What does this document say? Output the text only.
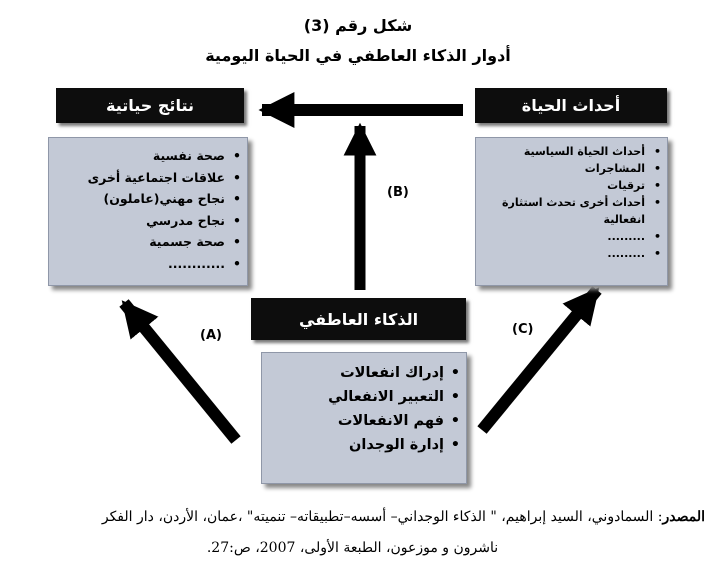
شكل رقم (3)
أدوار الذكاء العاطفي في الحياة اليومية
نتائج حياتية	أحداث الحياة
الذكاء العاطفي
• صحة نفسية
• علاقات اجتماعية أخرى
• نجاح مهني(عاملون)
• نجاح مدرسي
• صحة جسمية
• ............
• أحداث الحياة السياسية
• المشاجرات
• ترقيات
• أحداث أخرى تحدث استثارة انفعالية
• .........
• .........
• إدراك انفعالات
• التعبير الانفعالي
• فهم الانفعالات
• إدارة الوجدان
(B)
(A)	(C)
المصدر: السمادوني، السيد إبراهيم، " الذكاء الوجداني– أسسه–تطبيقاته– تنميته" ،عمان، الأردن، دار الفكر
ناشرون و موزعون، الطبعة الأولى، 2007، ص:27.
